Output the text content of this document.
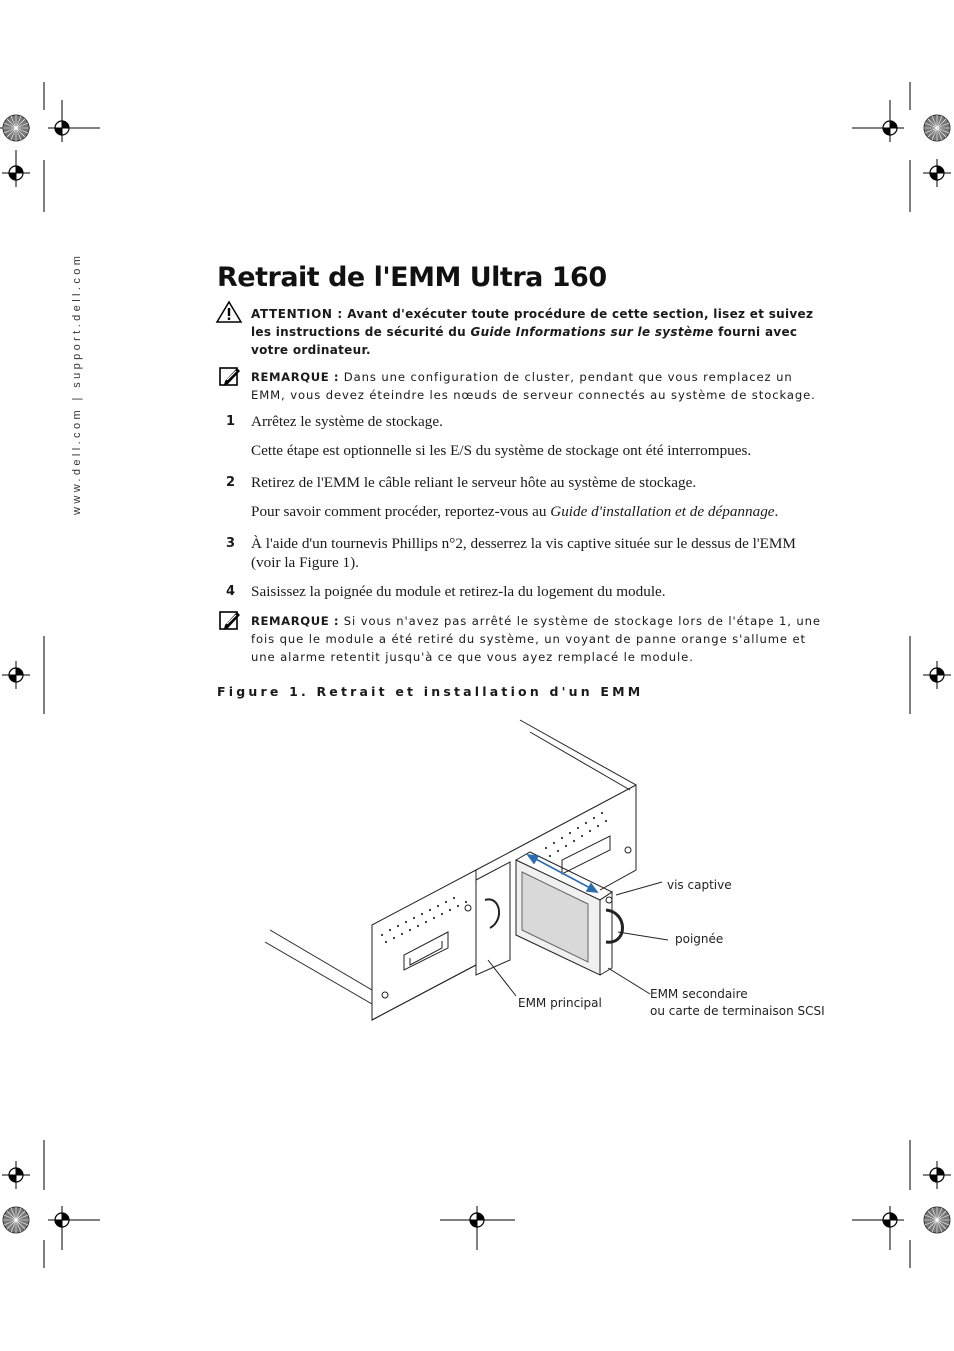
www.dell.com | support.dell.com	Retrait de l'EMM Ultra 160
ATTENTION : Avant d'exécuter toute procédure de cette section, lisez et suivez les instructions de sécurité du Guide Informations sur le système fourni avec votre ordinateur.
REMARQUE : Dans une configuration de cluster, pendant que vous remplacez un EMM, vous devez éteindre les nœuds de serveur connectés au système de stockage.
1 Arrêtez le système de stockage.
Cette étape est optionnelle si les E/S du système de stockage ont été interrompues.
2 Retirez de l'EMM le câble reliant le serveur hôte au système de stockage.
Pour savoir comment procéder, reportez-vous au Guide d'installation et de dépannage.
3 À l'aide d'un tournevis Phillips n°2, desserrez la vis captive située sur le dessus de l'EMM (voir la Figure 1).
4 Saisissez la poignée du module et retirez-la du logement du module.
REMARQUE : Si vous n'avez pas arrêté le système de stockage lors de l'étape 1, une fois que le module a été retiré du système, un voyant de panne orange s'allume et une alarme retentit jusqu'à ce que vous ayez remplacé le module.
Figure 1. Retrait et installation d'un EMM
vis captive
poignée
EMM principal
EMM secondaire
ou carte de terminaison SCSI
